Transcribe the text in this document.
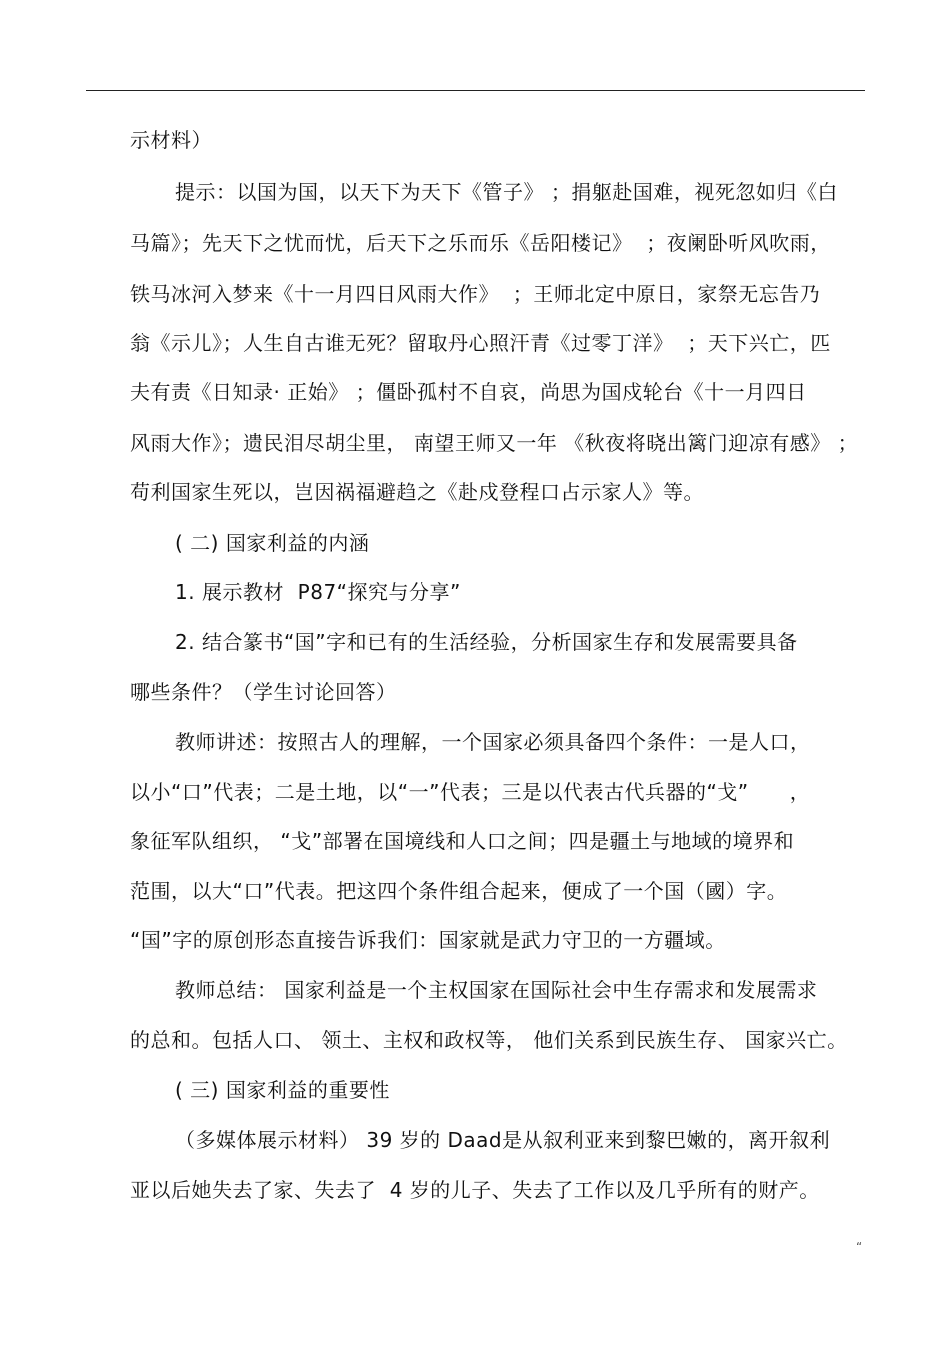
示材料）
提示：以国为国，以天下为天下《管子》 ；捐躯赴国难，视死忽如归《白
马篇》；先天下之忧而忧，后天下之乐而乐《岳阳楼记》  ；夜阑卧听风吹雨，
铁马冰河入梦来《十一月四日风雨大作》  ；王师北定中原日，家祭无忘告乃
翁《示儿》；人生自古谁无死？留取丹心照汗青《过零丁洋》  ；天下兴亡，匹
夫有责《日知录· 正始》 ；僵卧孤村不自哀，尚思为国戍轮台《十一月四日
风雨大作》；遗民泪尽胡尘里， 南望王师又一年 《秋夜将晓出篱门迎凉有感》 ；
苟利国家生死以，岂因祸福避趋之《赴戍登程口占示家人》等。
( 二) 国家利益的内涵
1. 展示教材  P87“探究与分享”
2. 结合篆书“国”字和已有的生活经验，分析国家生存和发展需要具备
哪些条件？（学生讨论回答）
教师讲述：按照古人的理解，一个国家必须具备四个条件：一是人口，
以小“口”代表；二是土地，以“一”代表；三是以代表古代兵器的“戈”      ，
象征军队组织， “戈”部署在国境线和人口之间；四是疆土与地域的境界和
范围，以大“口”代表。把这四个条件组合起来，便成了一个国（國）字。
“国”字的原创形态直接告诉我们：国家就是武力守卫的一方疆域。
教师总结： 国家利益是一个主权国家在国际社会中生存需求和发展需求
的总和。包括人口、 领土、主权和政权等， 他们关系到民族生存、 国家兴亡。
( 三) 国家利益的重要性
（多媒体展示材料） 39 岁的 Daad是从叙利亚来到黎巴嫩的，离开叙利
亚以后她失去了家、失去了  4 岁的儿子、失去了工作以及几乎所有的财产。
“
